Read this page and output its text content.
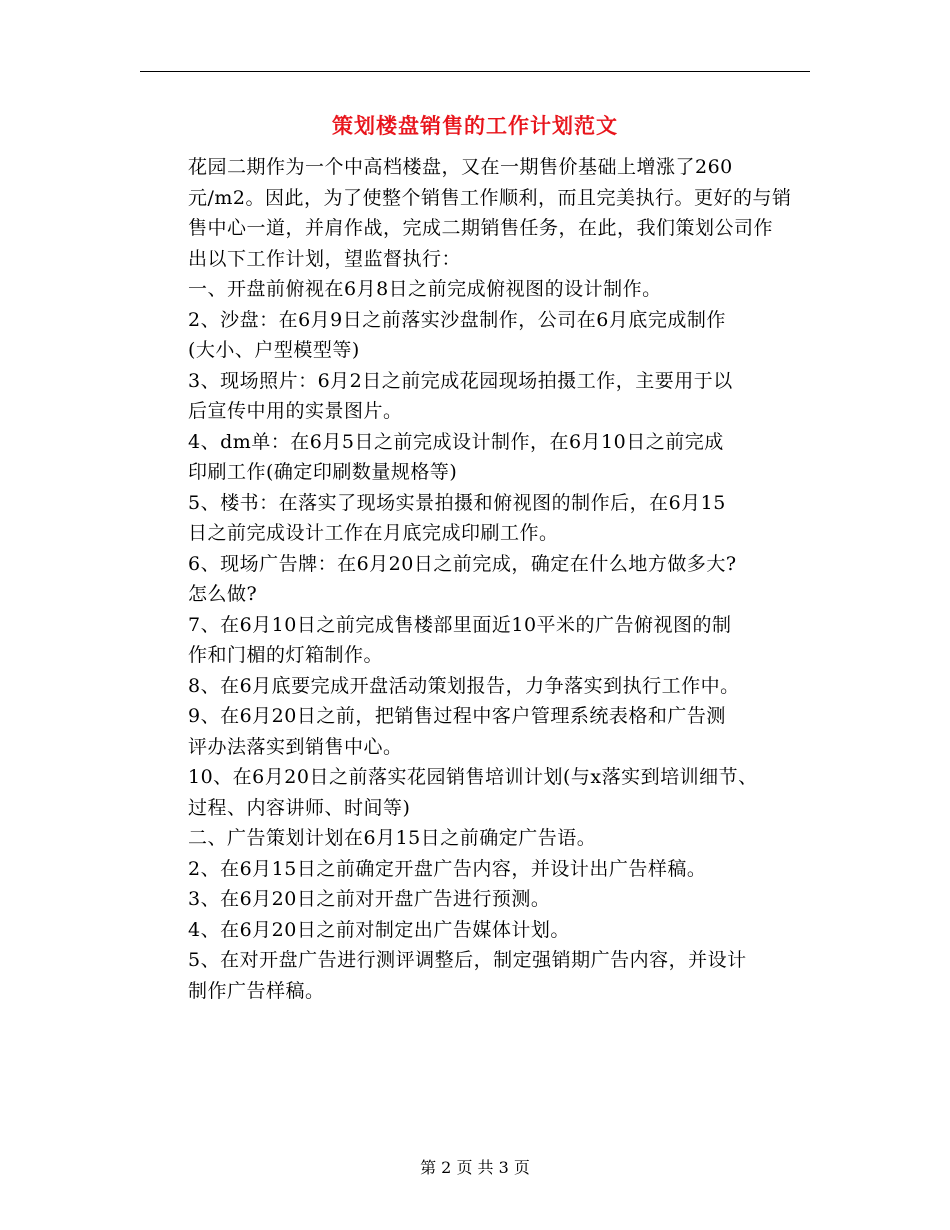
策划楼盘销售的工作计划范文

花园二期作为一个中高档楼盘，又在一期售价基础上增涨了260
元/m2。因此，为了使整个销售工作顺利，而且完美执行。更好的与销
售中心一道，并肩作战，完成二期销售任务，在此，我们策划公司作
出以下工作计划，望监督执行：

一、开盘前俯视在6月8日之前完成俯视图的设计制作。

2、沙盘：在6月9日之前落实沙盘制作，公司在6月底完成制作
(大小、户型模型等)

3、现场照片：6月2日之前完成花园现场拍摄工作，主要用于以
后宣传中用的实景图片。

4、dm单：在6月5日之前完成设计制作，在6月10日之前完成
印刷工作(确定印刷数量规格等)

5、楼书：在落实了现场实景拍摄和俯视图的制作后，在6月15
日之前完成设计工作在月底完成印刷工作。

6、现场广告牌：在6月20日之前完成，确定在什么地方做多大?
怎么做?

7、在6月10日之前完成售楼部里面近10平米的广告俯视图的制
作和门楣的灯箱制作。

8、在6月底要完成开盘活动策划报告，力争落实到执行工作中。

9、在6月20日之前，把销售过程中客户管理系统表格和广告测
评办法落实到销售中心。

10、在6月20日之前落实花园销售培训计划(与x落实到培训细节、
过程、内容讲师、时间等)

二、广告策划计划在6月15日之前确定广告语。

2、在6月15日之前确定开盘广告内容，并设计出广告样稿。

3、在6月20日之前对开盘广告进行预测。

4、在6月20日之前对制定出广告媒体计划。

5、在对开盘广告进行测评调整后，制定强销期广告内容，并设计
制作广告样稿。

第 2 页 共 3 页
